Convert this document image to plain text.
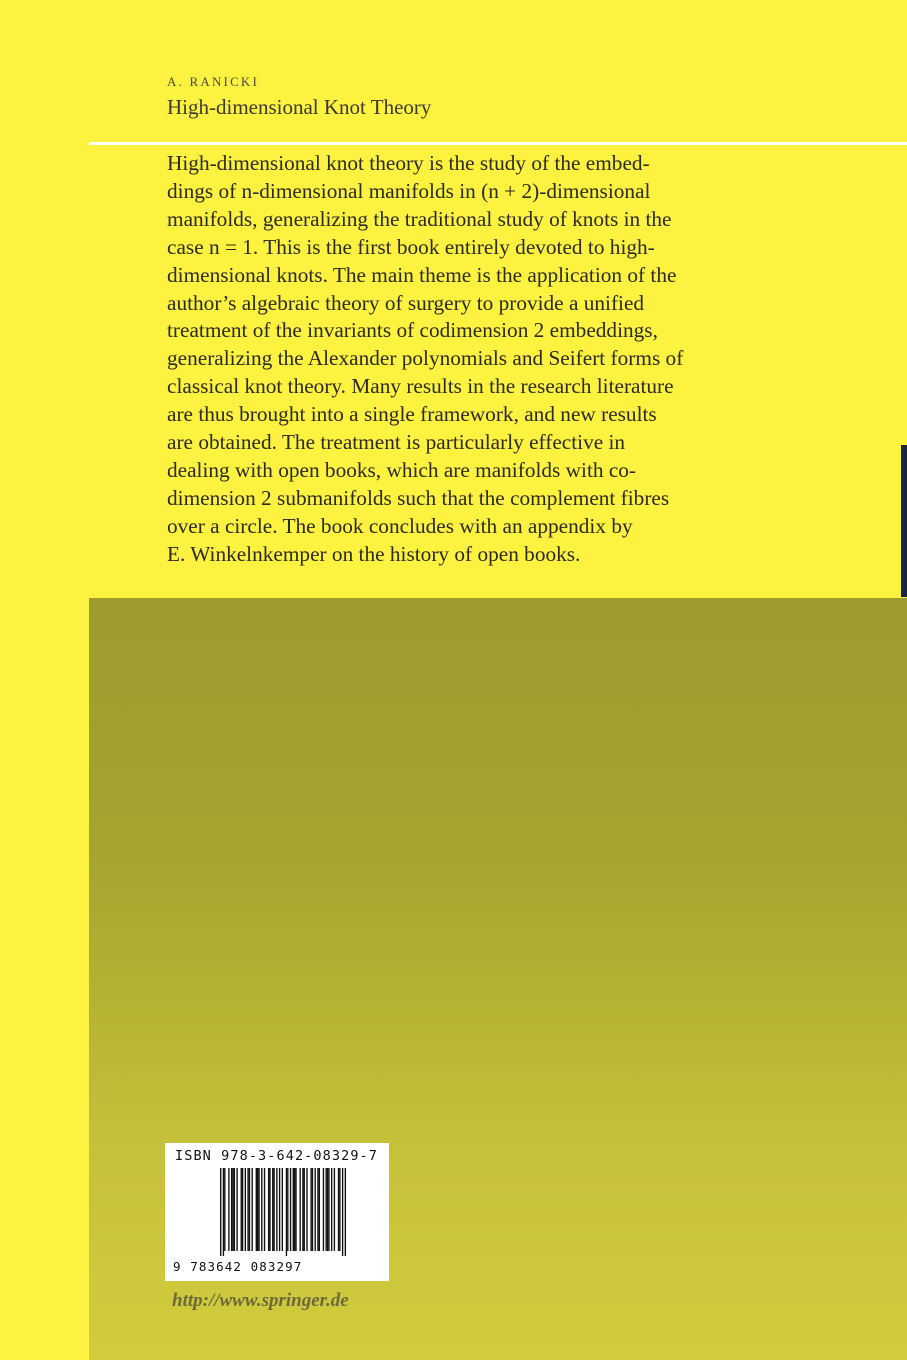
A. RANICKI
High-dimensional Knot Theory
High-dimensional knot theory is the study of the embed-
dings of n-dimensional manifolds in (n + 2)-dimensional
manifolds, generalizing the traditional study of knots in the
case n = 1. This is the first book entirely devoted to high-
dimensional knots. The main theme is the application of the
author’s algebraic theory of surgery to provide a unified
treatment of the invariants of codimension 2 embeddings,
generalizing the Alexander polynomials and Seifert forms of
classical knot theory. Many results in the research literature
are thus brought into a single framework, and new results
are obtained. The treatment is particularly effective in
dealing with open books, which are manifolds with co-
dimension 2 submanifolds such that the complement fibres
over a circle. The book concludes with an appendix by
E. Winkelnkemper on the history of open books.
ISBN 978-3-642-08329-7
9 783642 083297
http://www.springer.de
